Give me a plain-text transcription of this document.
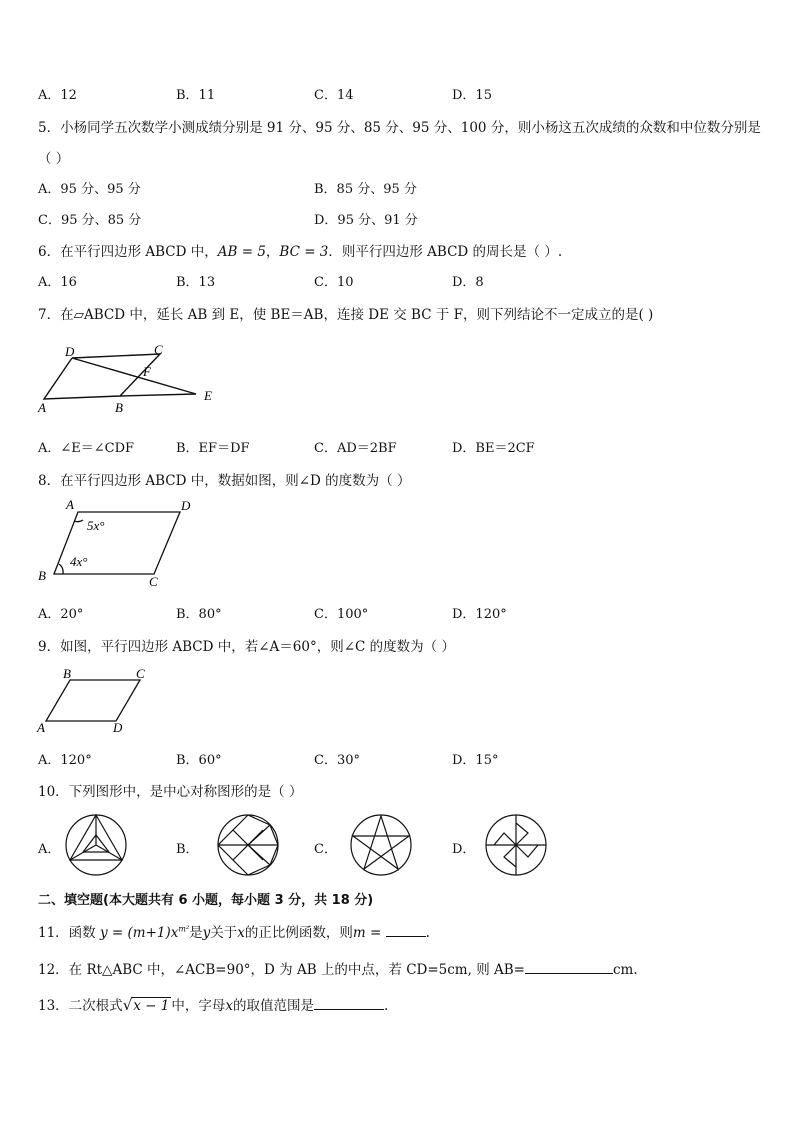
A．12	B．11	C．14	D．15
5．小杨同学五次数学小测成绩分别是 91 分、95 分、85 分、95 分、100 分，则小杨这五次成绩的众数和中位数分别是
（ ）
A．95 分、95 分	B．85 分、95 分
C．95 分、85 分	D．95 分、91 分
6．在平行四边形 ABCD 中，AB = 5，BC = 3．则平行四边形 ABCD 的周长是（ ）.
A．16	B．13	C．10	D．8
7．在▱ABCD 中，延长 AB 到 E，使 BE＝AB，连接 DE 交 BC 于 F，则下列结论不一定成立的是( )
D	C
F
E
A	B
A．∠E＝∠CDF	B．EF＝DF	C．AD＝2BF	D．BE＝2CF
8．在平行四边形 ABCD 中，数据如图，则∠D 的度数为（ ）
A	D
B	C
5x°
4x°
A．20°	B．80°	C．100°	D．120°
9．如图，平行四边形 ABCD 中，若∠A＝60°，则∠C 的度数为（ ）
B	C
A	D
A．120°	B．60°	C．30°	D．15°
10．下列图形中，是中心对称图形的是（ ）
A．	B．	C．	D．
二、填空题(本大题共有 6 小题，每小题 3 分，共 18 分)
11．函数 $y = (m+1)x^{m^2}$是y关于x的正比例函数，则m =	.
12．在 Rt△ABC 中，∠ACB=90°，D 为 AB 上的中点，若 CD=5cm, 则 AB=	cm.
13．二次根式√x − 1 中，字母x的取值范围是	.
